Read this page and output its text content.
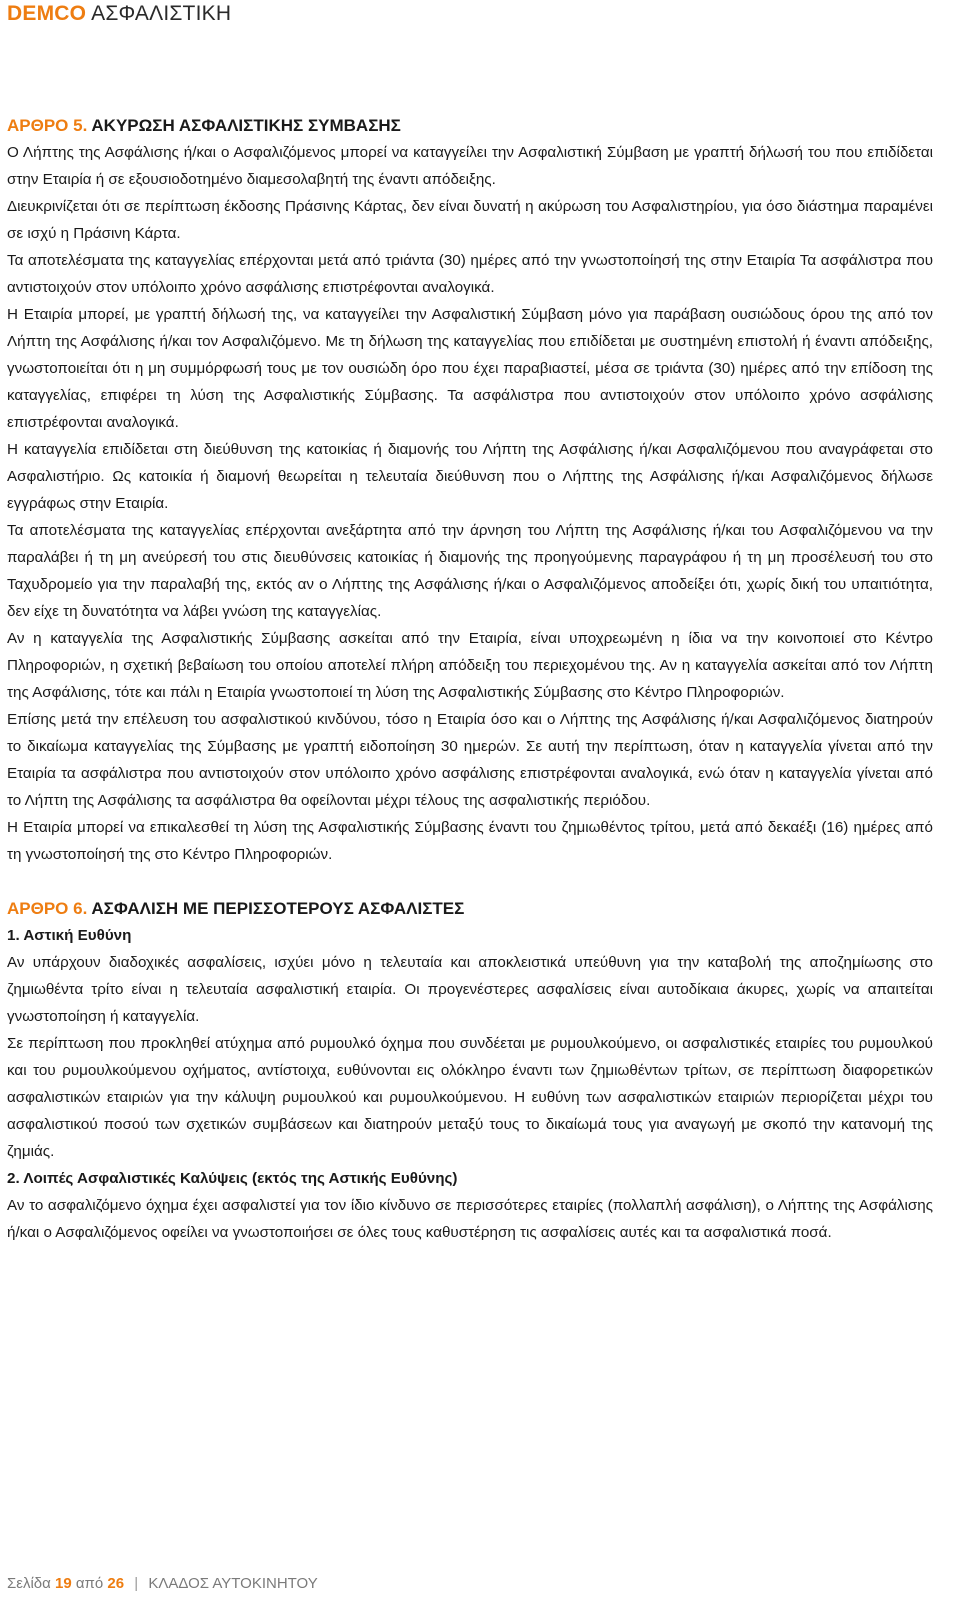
DEMCO ΑΣΦΑΛΙΣΤΙΚΗ
ΑΡΘΡΟ 5. ΑΚΥΡΩΣΗ ΑΣΦΑΛΙΣΤΙΚΗΣ ΣΥΜΒΑΣΗΣ

Ο Λήπτης της Ασφάλισης ή/και ο Ασφαλιζόμενος μπορεί να καταγγείλει την Ασφαλιστική Σύμβαση με γραπτή δήλωσή του που επιδίδεται στην Εταιρία ή σε εξουσιοδοτημένο διαμεσολαβητή της έναντι απόδειξης.

Διευκρινίζεται ότι σε περίπτωση έκδοσης Πράσινης Κάρτας, δεν είναι δυνατή η ακύρωση του Ασφαλιστηρίου, για όσο διάστημα παραμένει σε ισχύ η Πράσινη Κάρτα.

Τα αποτελέσματα της καταγγελίας επέρχονται μετά από τριάντα (30) ημέρες από την γνωστοποίησή της στην Εταιρία Τα ασφάλιστρα που αντιστοιχούν στον υπόλοιπο χρόνο ασφάλισης επιστρέφονται αναλογικά.

Η Εταιρία μπορεί, με γραπτή δήλωσή της, να καταγγείλει την Ασφαλιστική Σύμβαση μόνο για παράβαση ουσιώδους όρου της από τον Λήπτη της Ασφάλισης ή/και τον Ασφαλιζόμενο. Με τη δήλωση της καταγγελίας που επιδίδεται με συστημένη επιστολή ή έναντι απόδειξης, γνωστοποιείται ότι η μη συμμόρφωσή τους με τον ουσιώδη όρο που έχει παραβιαστεί, μέσα σε τριάντα (30) ημέρες από την επίδοση της καταγγελίας, επιφέρει τη λύση της Ασφαλιστικής Σύμβασης. Τα ασφάλιστρα που αντιστοιχούν στον υπόλοιπο χρόνο ασφάλισης επιστρέφονται αναλογικά.

Η καταγγελία επιδίδεται στη διεύθυνση της κατοικίας ή διαμονής του Λήπτη της Ασφάλισης ή/και Ασφαλιζόμενου που αναγράφεται στο Ασφαλιστήριο. Ως κατοικία ή διαμονή θεωρείται η τελευταία διεύθυνση που ο Λήπτης της Ασφάλισης ή/και Ασφαλιζόμενος δήλωσε εγγράφως στην Εταιρία.

Τα αποτελέσματα της καταγγελίας επέρχονται ανεξάρτητα από την άρνηση του Λήπτη της Ασφάλισης ή/και του Ασφαλιζόμενου να την παραλάβει ή τη μη ανεύρεσή του στις διευθύνσεις κατοικίας ή διαμονής της προηγούμενης παραγράφου ή τη μη προσέλευσή του στο Ταχυδρομείο για την παραλαβή της, εκτός αν ο Λήπτης της Ασφάλισης ή/και ο Ασφαλιζόμενος αποδείξει ότι, χωρίς δική του υπαιτιότητα, δεν είχε τη δυνατότητα να λάβει γνώση της καταγγελίας.

Αν η καταγγελία της Ασφαλιστικής Σύμβασης ασκείται από την Εταιρία, είναι υποχρεωμένη η ίδια να την κοινοποιεί στο Κέντρο Πληροφοριών, η σχετική βεβαίωση του οποίου αποτελεί πλήρη απόδειξη του περιεχομένου της. Αν η καταγγελία ασκείται από τον Λήπτη της Ασφάλισης, τότε και πάλι η Εταιρία γνωστοποιεί τη λύση της Ασφαλιστικής Σύμβασης στο Κέντρο Πληροφοριών.

Επίσης μετά την επέλευση του ασφαλιστικού κινδύνου, τόσο η Εταιρία όσο και ο Λήπτης της Ασφάλισης ή/και Ασφαλιζόμενος διατηρούν το δικαίωμα καταγγελίας της Σύμβασης με γραπτή ειδοποίηση 30 ημερών. Σε αυτή την περίπτωση, όταν η καταγγελία γίνεται από την Εταιρία τα ασφάλιστρα που αντιστοιχούν στον υπόλοιπο χρόνο ασφάλισης επιστρέφονται αναλογικά, ενώ όταν η καταγγελία γίνεται από το Λήπτη της Ασφάλισης τα ασφάλιστρα θα οφείλονται μέχρι τέλους της ασφαλιστικής περιόδου.

Η Εταιρία μπορεί να επικαλεσθεί τη λύση της Ασφαλιστικής Σύμβασης έναντι του ζημιωθέντος τρίτου, μετά από δεκαέξι (16) ημέρες από τη γνωστοποίησή της στο Κέντρο Πληροφοριών.

ΑΡΘΡΟ 6. ΑΣΦΑΛΙΣΗ ΜΕ ΠΕΡΙΣΣΟΤΕΡΟΥΣ ΑΣΦΑΛΙΣΤΕΣ
1. Αστική Ευθύνη

Αν υπάρχουν διαδοχικές ασφαλίσεις, ισχύει μόνο η τελευταία και αποκλειστικά υπεύθυνη για την καταβολή της αποζημίωσης στο ζημιωθέντα τρίτο είναι η τελευταία ασφαλιστική εταιρία. Οι προγενέστερες ασφαλίσεις είναι αυτοδίκαια άκυρες, χωρίς να απαιτείται γνωστοποίηση ή καταγγελία.

Σε περίπτωση που προκληθεί ατύχημα από ρυμουλκό όχημα που συνδέεται με ρυμουλκούμενο, οι ασφαλιστικές εταιρίες του ρυμουλκού και του ρυμουλκούμενου οχήματος, αντίστοιχα, ευθύνονται εις ολόκληρο έναντι των ζημιωθέντων τρίτων, σε περίπτωση διαφορετικών ασφαλιστικών εταιριών για την κάλυψη ρυμουλκού και ρυμουλκούμενου. Η ευθύνη των ασφαλιστικών εταιριών περιορίζεται μέχρι του ασφαλιστικού ποσού των σχετικών συμβάσεων και διατηρούν μεταξύ τους το δικαίωμά τους για αναγωγή με σκοπό την κατανομή της ζημιάς.

2. Λοιπές Ασφαλιστικές Καλύψεις (εκτός της Αστικής Ευθύνης)

Αν το ασφαλιζόμενο όχημα έχει ασφαλιστεί για τον ίδιο κίνδυνο σε περισσότερες εταιρίες (πολλαπλή ασφάλιση), ο Λήπτης της Ασφάλισης ή/και ο Ασφαλιζόμενος οφείλει να γνωστοποιήσει σε όλες τους καθυστέρηση τις ασφαλίσεις αυτές και τα ασφαλιστικά ποσά.

Σελίδα 19 από 26 | ΚΛΑΔΟΣ ΑΥΤΟΚΙΝΗΤΟΥ
